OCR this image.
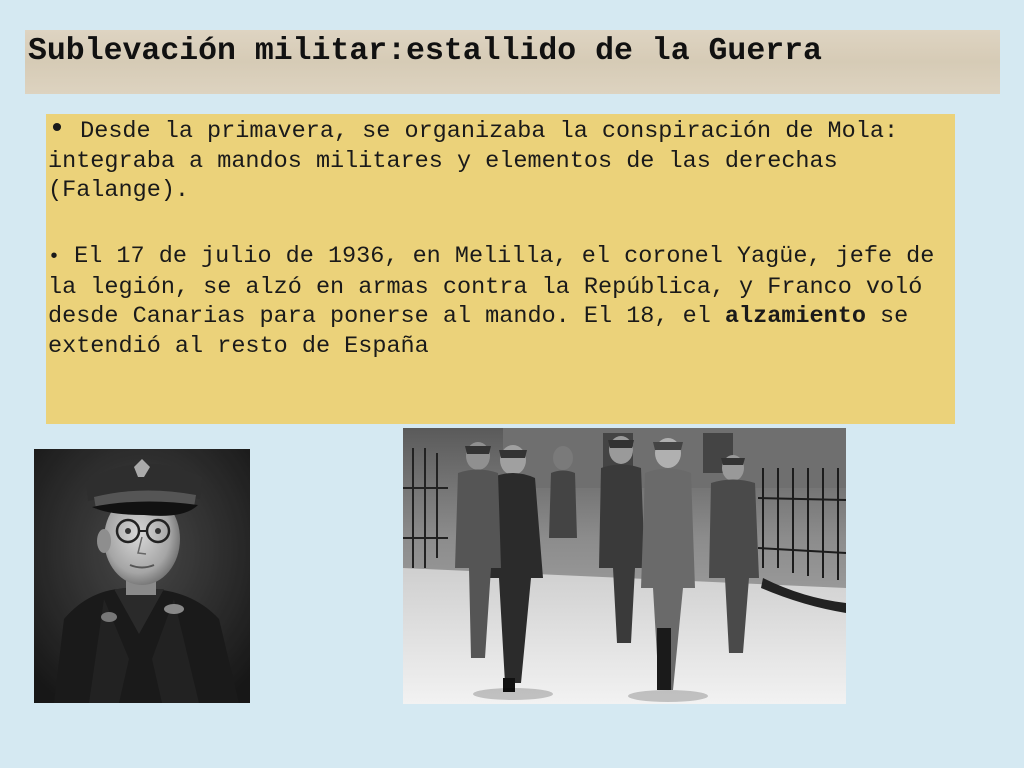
Sublevación militar:estallido de la Guerra

• Desde la primavera, se organizaba la conspiración de Mola: integraba a mandos militares y elementos de las derechas (Falange).

• El 17 de julio de 1936, en Melilla, el coronel Yagüe, jefe de la legión, se alzó en armas contra la República, y Franco voló desde Canarias para ponerse al mando. El 18, el alzamiento se extendió al resto de España
